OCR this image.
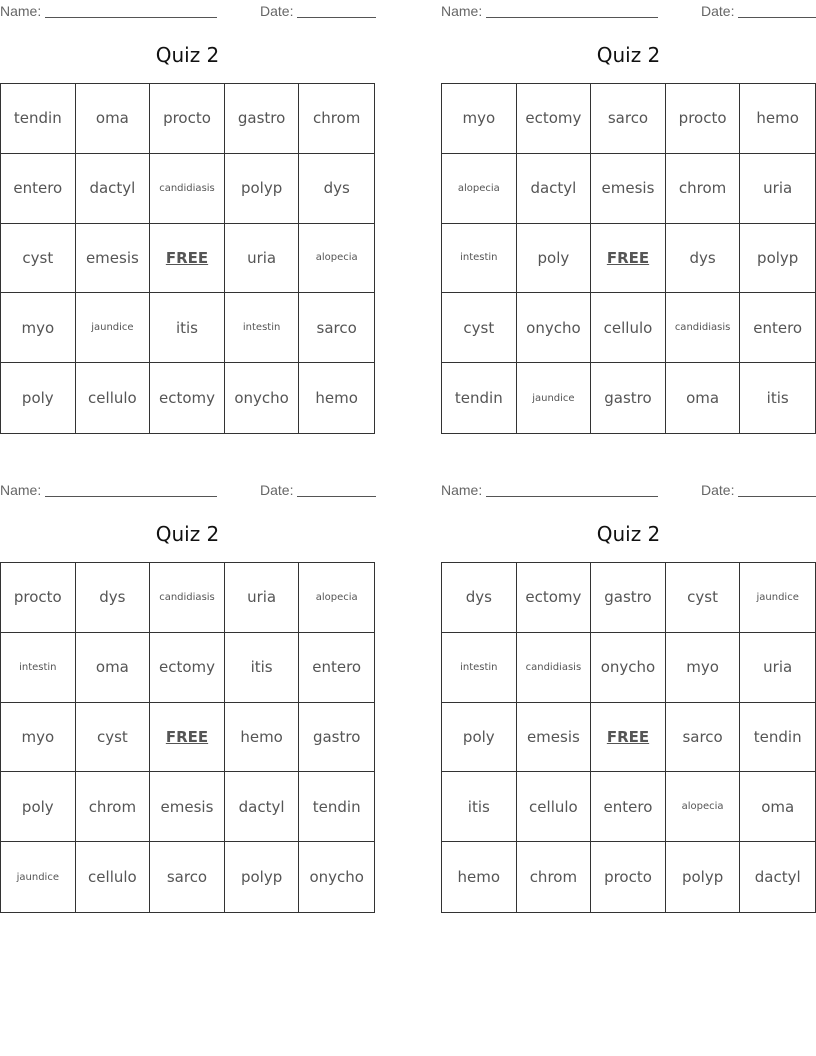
Name:	Date:
Quiz 2
tendin	oma	procto	gastro	chrom
entero	dactyl	candidiasis	polyp	dys
cyst	emesis	FREE	uria	alopecia
myo	jaundice	itis	intestin	sarco
poly	cellulo	ectomy	onycho	hemo
Name:	Date:
Quiz 2
myo	ectomy	sarco	procto	hemo
alopecia	dactyl	emesis	chrom	uria
intestin	poly	FREE	dys	polyp
cyst	onycho	cellulo	candidiasis	entero
tendin	jaundice	gastro	oma	itis
Name:	Date:
Quiz 2
procto	dys	candidiasis	uria	alopecia
intestin	oma	ectomy	itis	entero
myo	cyst	FREE	hemo	gastro
poly	chrom	emesis	dactyl	tendin
jaundice	cellulo	sarco	polyp	onycho
Name:	Date:
Quiz 2
dys	ectomy	gastro	cyst	jaundice
intestin	candidiasis	onycho	myo	uria
poly	emesis	FREE	sarco	tendin
itis	cellulo	entero	alopecia	oma
hemo	chrom	procto	polyp	dactyl
